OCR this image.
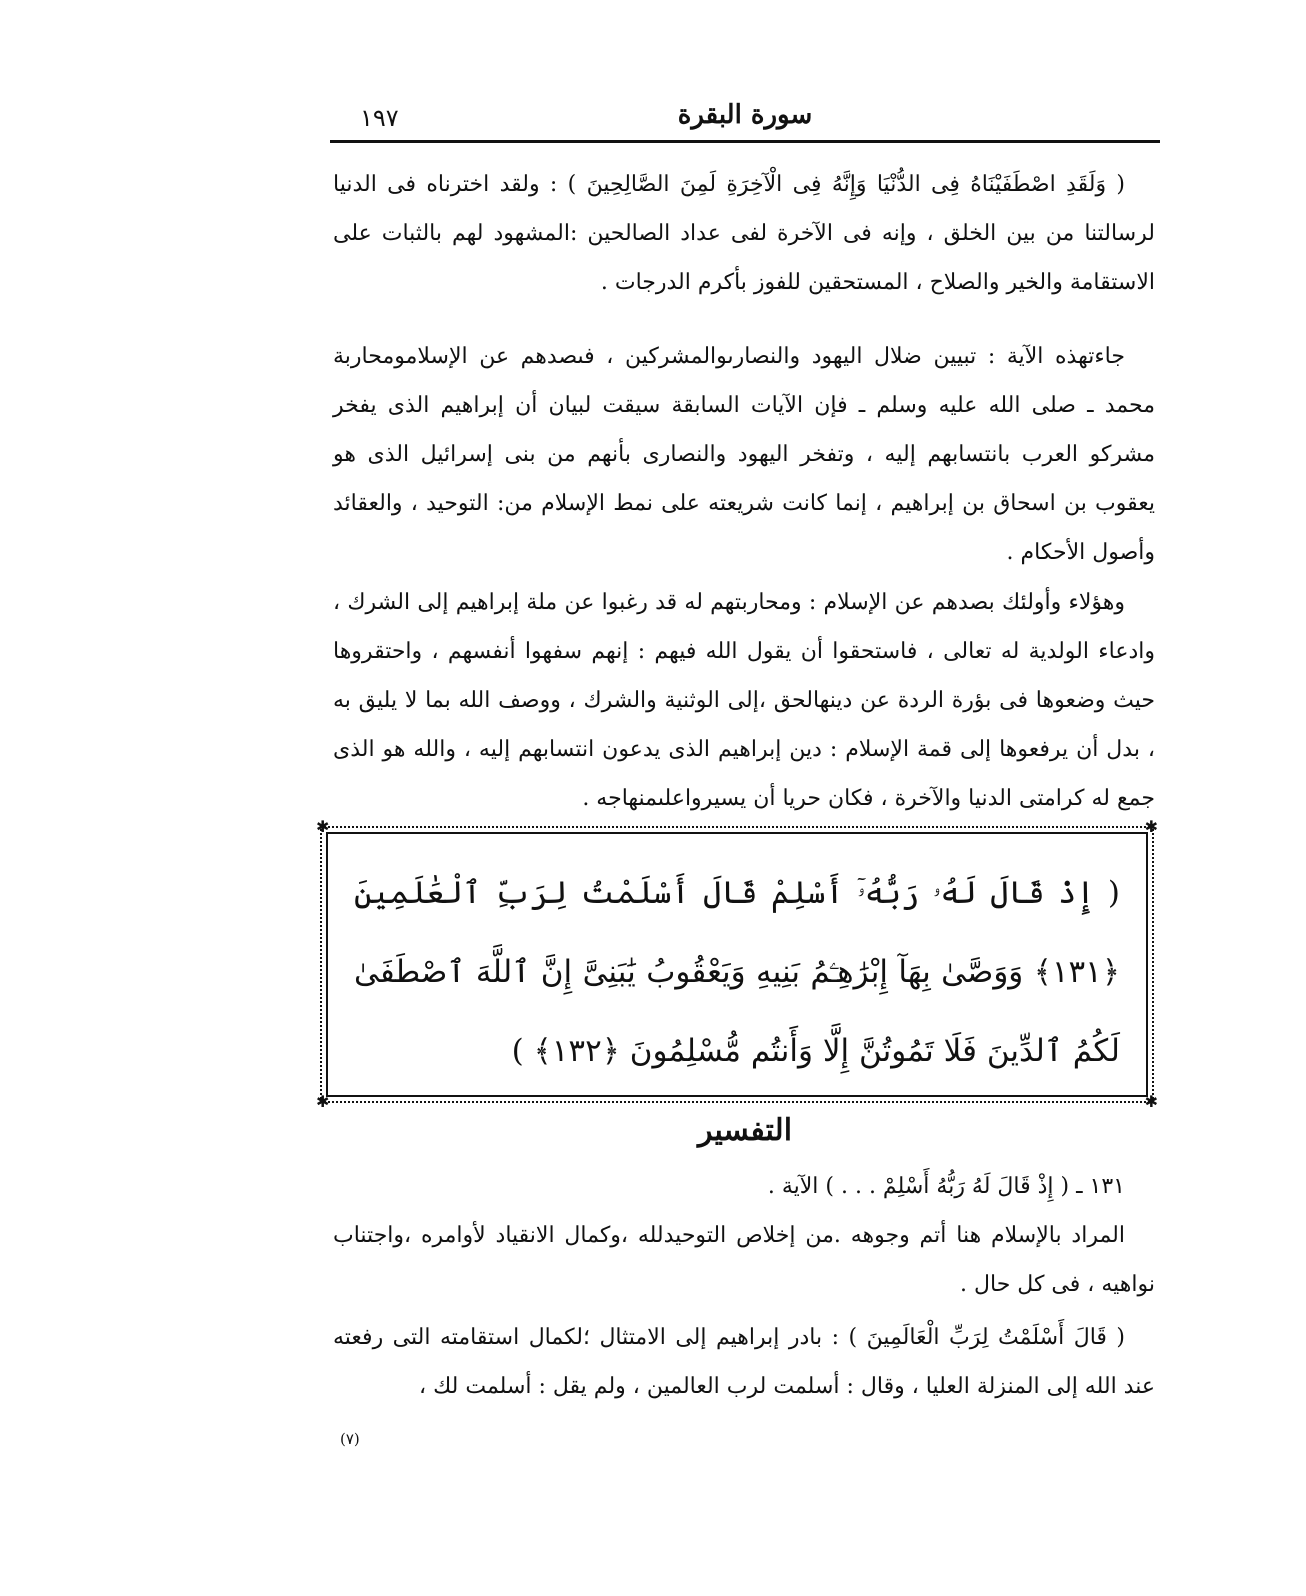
١٩٧	سورة البقرة

( وَلَقَدِ اصْطَفَيْنَاهُ فِى الدُّنْيَا وَإِنَّهُ فِى الْآخِرَةِ لَمِنَ الصَّالِحِينَ ) : ولقد اخترناه فى الدنيا لرسالتنا من بين الخلق ، وإنه فى الآخرة لفى عداد الصالحين :المشهود لهم بالثبات على الاستقامة والخير والصلاح ، المستحقين للفوز بأكرم الدرجات .

جاءتهذه الآية : تبيين ضلال اليهود والنصارىوالمشركين ، فىصدهم عن الإسلامومحاربة محمد ـ صلى الله عليه وسلم ـ فإن الآيات السابقة سيقت لبيان أن إبراهيم الذى يفخر مشركو العرب بانتسابهم إليه ، وتفخر اليهود والنصارى بأنهم من بنى إسرائيل الذى هو يعقوب بن اسحاق بن إبراهيم ، إنما كانت شريعته على نمط الإسلام من: التوحيد ، والعقائد وأصول الأحكام .

وهؤلاء وأولئك بصدهم عن الإسلام : ومحاربتهم له قد رغبوا عن ملة إبراهيم إلى الشرك ، وادعاء الولدية له تعالى ، فاستحقوا أن يقول الله فيهم : إنهم سفهوا أنفسهم ، واحتقروها حيث وضعوها فى بؤرة الردة عن دينهالحق ،إلى الوثنية والشرك ، ووصف الله بما لا يليق به ، بدل أن يرفعوها إلى قمة الإسلام : دين إبراهيم الذى يدعون انتسابهم إليه ، والله هو الذى جمع له كرامتى الدنيا والآخرة ، فكان حريا أن يسيرواعلىمنهاجه .

✱	✱
✱	✱
( إِذْ قَالَ لَهُۥ رَبُّهُۥٓ أَسْلِمْ قَالَ أَسْلَمْتُ لِرَبِّ ٱلْعَٰلَمِينَ ﴿١٣١﴾ وَوَصَّىٰ بِهَآ إِبْرَٰهِـۧمُ بَنِيهِ وَيَعْقُوبُ يَٰبَنِىَّ إِنَّ ٱللَّهَ ٱصْطَفَىٰ لَكُمُ ٱلدِّينَ فَلَا تَمُوتُنَّ إِلَّا وَأَنتُم مُّسْلِمُونَ ﴿١٣٢﴾ )
التفسير

١٣١ ـ ( إِذْ قَالَ لَهُ رَبُّهُ أَسْلِمْ . . . ) الآية .

المراد بالإسلام هنا أتم وجوهه .من إخلاص التوحيدلله ،وكمال الانقياد لأوامره ،واجتناب نواهيه ، فى كل حال .

( قَالَ أَسْلَمْتُ لِرَبِّ الْعَالَمِينَ ) : بادر إبراهيم إلى الامتثال ؛لكمال استقامته التى رفعته عند الله إلى المنزلة العليا ، وقال : أسلمت لرب العالمين ، ولم يقل : أسلمت لك ،

(٧)
